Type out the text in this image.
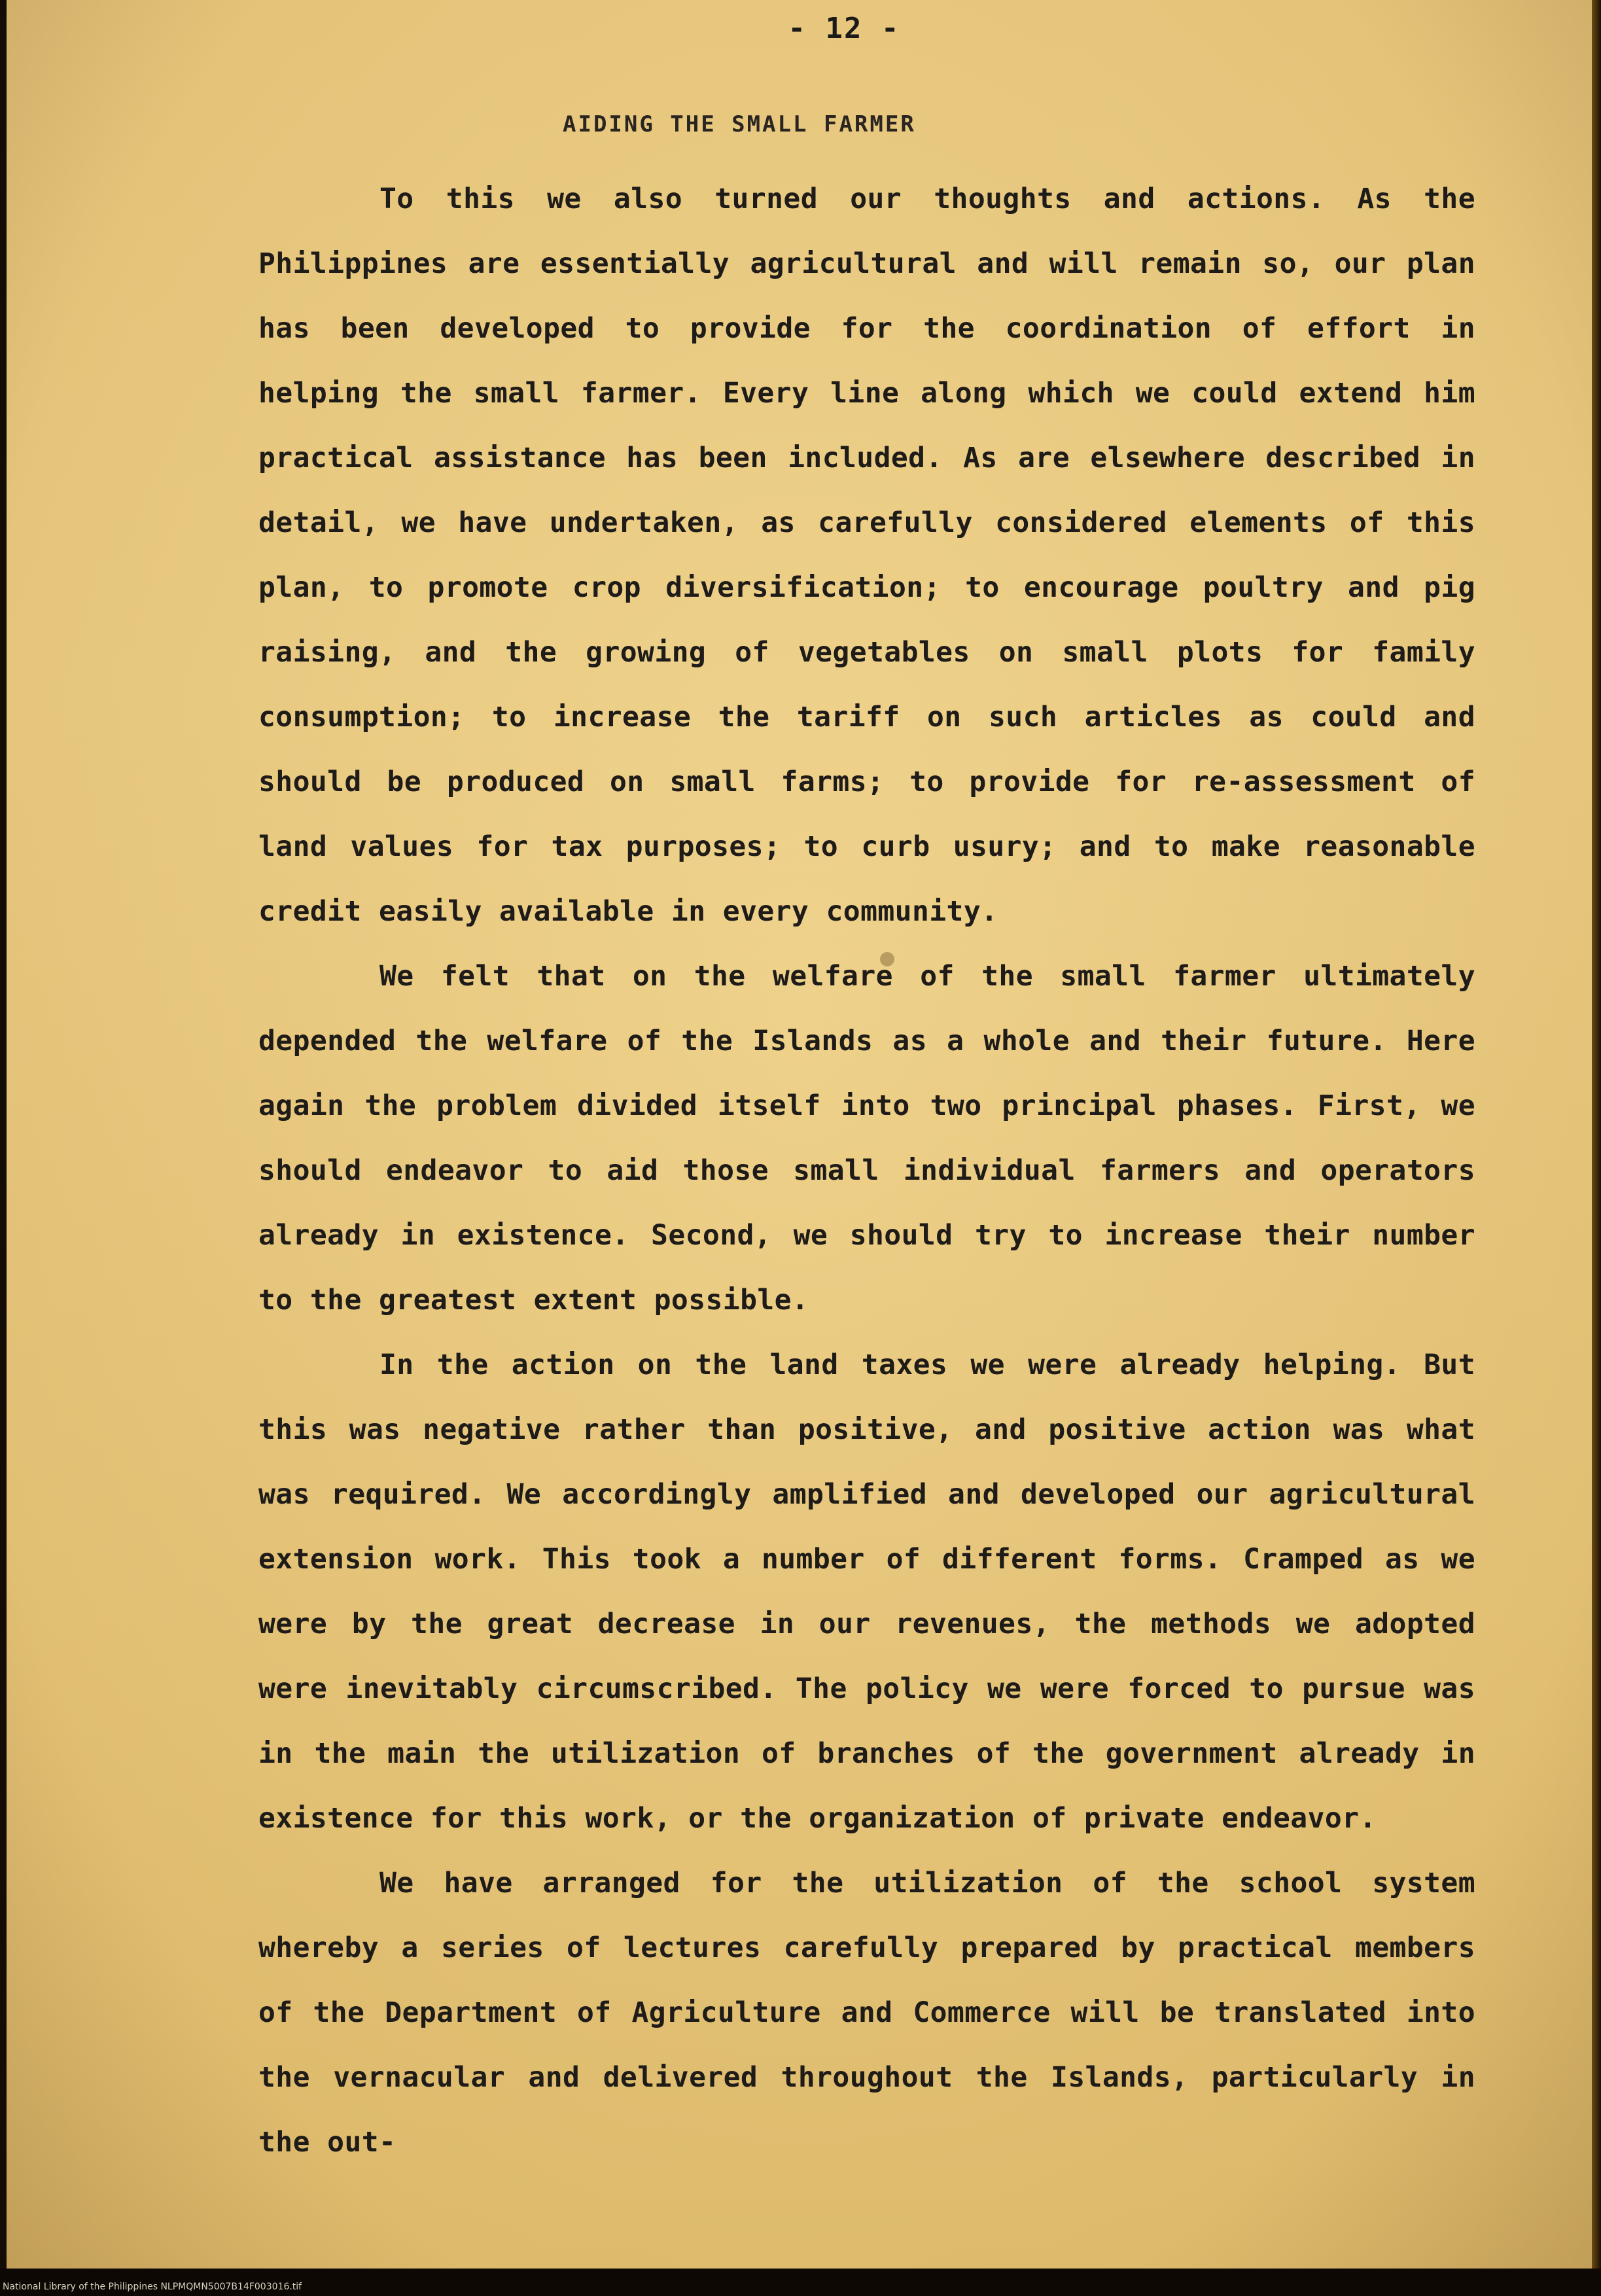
- 12 -
AIDING THE SMALL FARMER

To this we also turned our thoughts and actions. As the Philippines are essentially agricultural and will remain so, our plan has been developed to provide for the coordination of effort in helping the small farmer. Every line along which we could extend him practical assistance has been included. As are elsewhere described in detail, we have undertaken, as carefully considered elements of this plan, to promote crop diversification; to encourage poultry and pig raising, and the growing of vegetables on small plots for family consumption; to increase the tariff on such articles as could and should be produced on small farms; to provide for re-assessment of land values for tax purposes; to curb usury; and to make reasonable credit easily available in every community.

We felt that on the welfare of the small farmer ultimately depended the welfare of the Islands as a whole and their future. Here again the problem divided itself into two principal phases. First, we should endeavor to aid those small individual farmers and operators already in existence. Second, we should try to increase their number to the greatest extent possible.

In the action on the land taxes we were already helping. But this was negative rather than positive, and positive action was what was required. We accordingly amplified and developed our agricultural extension work. This took a number of different forms. Cramped as we were by the great decrease in our revenues, the methods we adopted were inevitably circumscribed. The policy we were forced to pursue was in the main the utilization of branches of the government already in existence for this work, or the organization of private endeavor.

We have arranged for the utilization of the school system whereby a series of lectures carefully prepared by practical members of the Department of Agriculture and Commerce will be translated into the vernacular and delivered throughout the Islands, particularly in the out-

National Library of the Philippines NLPMQMN5007B14F003016.tif
